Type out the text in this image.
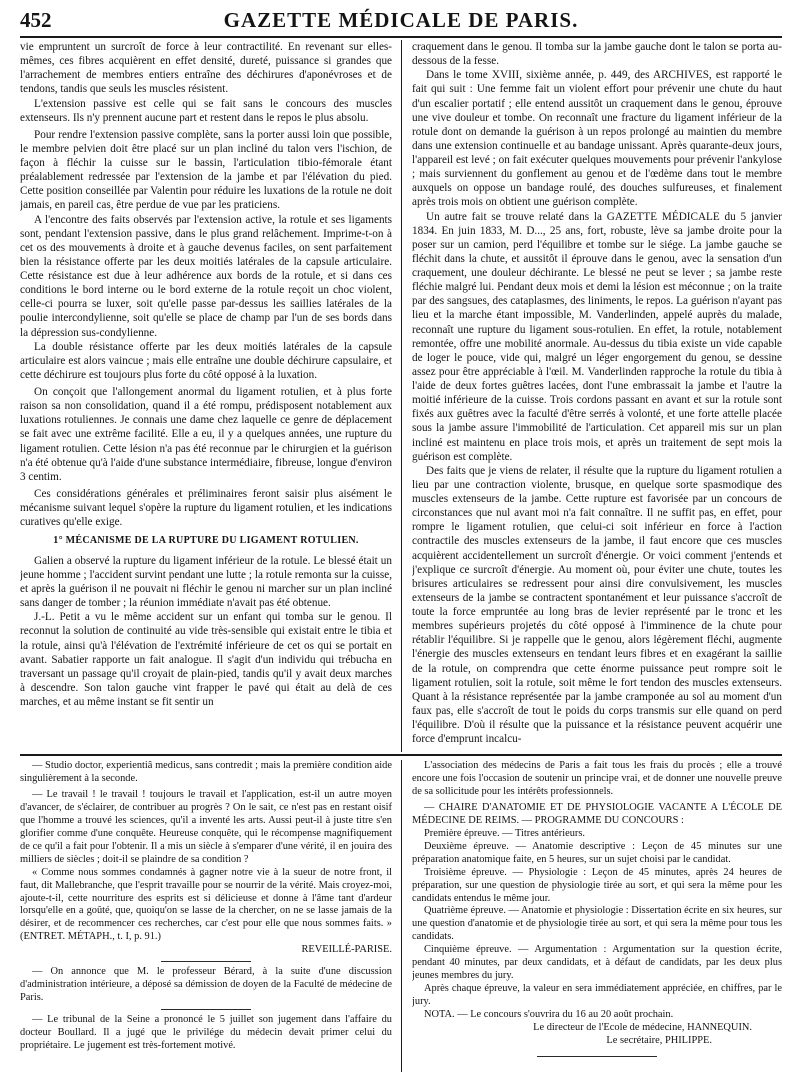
452	GAZETTE MÉDICALE DE PARIS.

vie empruntent un surcroît de force à leur contractilité. En revenant sur elles-mêmes, ces fibres acquièrent en effet densité, dureté, puissance si grandes que l'arrachement de membres entiers entraîne des déchirures d'aponévroses et de tendons, tandis que seuls les muscles résistent.

L'extension passive est celle qui se fait sans le concours des muscles extenseurs. Ils n'y prennent aucune part et restent dans le repos le plus absolu.

Pour rendre l'extension passive complète, sans la porter aussi loin que possible, le membre pelvien doit être placé sur un plan incliné du talon vers l'ischion, de façon à fléchir la cuisse sur le bassin, l'articulation tibio-fémorale étant préalablement redressée par l'extension de la jambe et par l'élévation du pied. Cette position conseillée par Valentin pour réduire les luxations de la rotule ne doit jamais, en pareil cas, être perdue de vue par les praticiens.

A l'encontre des faits observés par l'extension active, la rotule et ses ligaments sont, pendant l'extension passive, dans le plus grand relâchement. Imprime-t-on à cet os des mouvements à droite et à gauche devenus faciles, on sent parfaitement bien la résistance offerte par les deux moitiés latérales de la capsule articulaire. Cette résistance est due à leur adhérence aux bords de la rotule, et si dans ces conditions le bord interne ou le bord externe de la rotule reçoit un choc violent, celle-ci pourra se luxer, soit qu'elle passe par-dessus les saillies latérales de la poulie intercondylienne, soit qu'elle se place de champ par l'un de ses bords dans la dépression sus-condylienne.

La double résistance offerte par les deux moitiés latérales de la capsule articulaire est alors vaincue ; mais elle entraîne une double déchirure capsulaire, et cette déchirure est toujours plus forte du côté opposé à la luxation.

On conçoit que l'allongement anormal du ligament rotulien, et à plus forte raison sa non consolidation, quand il a été rompu, prédisposent notablement aux luxations rotuliennes. Je connais une dame chez laquelle ce genre de déplacement se fait avec une extrême facilité. Elle a eu, il y a quelques années, une rupture du ligament rotulien. Cette lésion n'a pas été reconnue par le chirurgien et la guérison n'a été obtenue qu'à l'aide d'une substance intermédiaire, fibreuse, longue d'environ 3 centim.

Ces considérations générales et préliminaires feront saisir plus aisément le mécanisme suivant lequel s'opère la rupture du ligament rotulien, et les indications curatives qu'elle exige.

1° MÉCANISME DE LA RUPTURE DU LIGAMENT ROTULIEN.

Galien a observé la rupture du ligament inférieur de la rotule. Le blessé était un jeune homme ; l'accident survint pendant une lutte ; la rotule remonta sur la cuisse, et après la guérison il ne pouvait ni fléchir le genou ni marcher sur un plan incliné sans danger de tomber ; la réunion immédiate n'avait pas été obtenue.

J.-L. Petit a vu le même accident sur un enfant qui tomba sur le genou. Il reconnut la solution de continuité au vide très-sensible qui existait entre le tibia et la rotule, ainsi qu'à l'élévation de l'extrémité inférieure de cet os qui se portait en avant. Sabatier rapporte un fait analogue. Il s'agit d'un individu qui trébucha en traversant un passage qu'il croyait de plain-pied, tandis qu'il y avait deux marches à descendre. Son talon gauche vint frapper le pavé qui était au delà de ces marches, et au même instant se fit sentir un

craquement dans le genou. Il tomba sur la jambe gauche dont le talon se porta au-dessous de la fesse.

Dans le tome XVIII, sixième année, p. 449, des ARCHIVES, est rapporté le fait qui suit : Une femme fait un violent effort pour prévenir une chute du haut d'un escalier portatif ; elle entend aussitôt un craquement dans le genou, éprouve une vive douleur et tombe. On reconnaît une fracture du ligament inférieur de la rotule dont on demande la guérison à un repos prolongé au maintien du membre dans une extension continuelle et au bandage unissant. Après quarante-deux jours, l'appareil est levé ; on fait exécuter quelques mouvements pour prévenir l'ankylose ; mais surviennent du gonflement au genou et de l'œdème dans tout le membre auxquels on oppose un bandage roulé, des douches sulfureuses, et finalement après trois mois on obtient une guérison complète.

Un autre fait se trouve relaté dans la GAZETTE MÉDICALE du 5 janvier 1834. En juin 1833, M. D..., 25 ans, fort, robuste, lève sa jambe droite pour la poser sur un camion, perd l'équilibre et tombe sur le siége. La jambe gauche se fléchit dans la chute, et aussitôt il éprouve dans le genou, avec la sensation d'un craquement, une douleur déchirante. Le blessé ne peut se lever ; sa jambe reste fléchie malgré lui. Pendant deux mois et demi la lésion est méconnue ; on la traite par des sangsues, des cataplasmes, des liniments, le repos. La guérison n'ayant pas lieu et la marche étant impossible, M. Vanderlinden, appelé auprès du malade, reconnaît une rupture du ligament sous-rotulien. En effet, la rotule, notablement remontée, offre une mobilité anormale. Au-dessus du tibia existe un vide capable de loger le pouce, vide qui, malgré un léger engorgement du genou, se dessine assez pour être appréciable à l'œil. M. Vanderlinden rapproche la rotule du tibia à l'aide de deux fortes guêtres lacées, dont l'une embrassait la jambe et l'autre la moitié inférieure de la cuisse. Trois cordons passant en avant et sur la rotule sont fixés aux guêtres avec la faculté d'être serrés à volonté, et une forte attelle placée sous la jambe assure l'immobilité de l'articulation. Cet appareil mis sur un plan incliné est maintenu en place trois mois, et après un traitement de sept mois la guérison est complète.

Des faits que je viens de relater, il résulte que la rupture du ligament rotulien a lieu par une contraction violente, brusque, en quelque sorte spasmodique des muscles extenseurs de la jambe. Cette rupture est favorisée par un concours de circonstances que nul avant moi n'a fait connaître. Il ne suffit pas, en effet, pour rompre le ligament rotulien, que celui-ci soit inférieur en force à l'action contractile des muscles extenseurs de la jambe, il faut encore que ces muscles acquièrent accidentellement un surcroît d'énergie. Or voici comment j'entends et j'explique ce surcroît d'énergie. Au moment où, pour éviter une chute, toutes les brisures articulaires se redressent pour ainsi dire convulsivement, les muscles extenseurs de la jambe se contractent spontanément et leur puissance s'accroît de toute la force empruntée au long bras de levier représenté par le tronc et les membres supérieurs projetés du côté opposé à l'imminence de la chute pour rétablir l'équilibre. Si je rappelle que le genou, alors légèrement fléchi, augmente l'énergie des muscles extenseurs en tendant leurs fibres et en exagérant la saillie de la rotule, on comprendra que cette énorme puissance peut rompre soit le ligament rotulien, soit la rotule, soit même le fort tendon des muscles extenseurs. Quant à la résistance représentée par la jambe cramponée au sol au moment d'un faux pas, elle s'accroît de tout le poids du corps transmis sur elle quand on perd l'équilibre. D'où il résulte que la puissance et la résistance peuvent acquérir une force d'emprunt incalcu-

— Studio doctor, experientiâ medicus, sans contredit ; mais la première condition aide singulièrement à la seconde.

— Le travail ! le travail ! toujours le travail et l'application, est-il un autre moyen d'avancer, de s'éclairer, de contribuer au progrès ? On le sait, ce n'est pas en restant oisif que l'homme a trouvé les sciences, qu'il a inventé les arts. Aussi peut-il à juste titre s'en glorifier comme d'une conquête. Heureuse conquête, qui le récompense magnifiquement de ce qu'il a fait pour l'obtenir. Il a mis un siècle à s'emparer d'une vérité, il en jouira des milliers de siècles ; doit-il se plaindre de sa condition ?

« Comme nous sommes condamnés à gagner notre vie à la sueur de notre front, il faut, dit Mallebranche, que l'esprit travaille pour se nourrir de la vérité. Mais croyez-moi, ajoute-t-il, cette nourriture des esprits est si délicieuse et donne à l'âme tant d'ardeur lorsqu'elle en a goûté, que, quoiqu'on se lasse de la chercher, on ne se lasse jamais de la désirer, et de recommencer ces recherches, car c'est pour elle que nous sommes faits. » (ENTRET. MÉTAPH., t. I, p. 91.)

REVEILLÉ-PARISE.

— On annonce que M. le professeur Bérard, à la suite d'une discussion d'administration intérieure, a déposé sa démission de doyen de la Faculté de médecine de Paris.

— Le tribunal de la Seine a prononcé le 5 juillet son jugement dans l'affaire du docteur Boullard. Il a jugé que le privilége du médecin devait primer celui du propriétaire. Le jugement est très-fortement motivé.

L'association des médecins de Paris a fait tous les frais du procès ; elle a trouvé encore une fois l'occasion de soutenir un principe vrai, et de donner une nouvelle preuve de sa sollicitude pour les intérêts professionnels.

— CHAIRE D'ANATOMIE ET DE PHYSIOLOGIE VACANTE A L'ÉCOLE DE MÉDECINE DE REIMS. — PROGRAMME DU CONCOURS :

Première épreuve. — Titres antérieurs.

Deuxième épreuve. — Anatomie descriptive : Leçon de 45 minutes sur une préparation anatomique faite, en 5 heures, sur un sujet choisi par le candidat.

Troisième épreuve. — Physiologie : Leçon de 45 minutes, après 24 heures de préparation, sur une question de physiologie tirée au sort, et qui sera la même pour les candidats entendus le même jour.

Quatrième épreuve. — Anatomie et physiologie : Dissertation écrite en six heures, sur une question d'anatomie et de physiologie tirée au sort, et qui sera la même pour tous les candidats.

Cinquième épreuve. — Argumentation : Argumentation sur la question écrite, pendant 40 minutes, par deux candidats, et à défaut de candidats, par les deux plus jeunes membres du jury.

Après chaque épreuve, la valeur en sera immédiatement appréciée, en chiffres, par le jury.

NOTA. — Le concours s'ouvrira du 16 au 20 août prochain.

Le directeur de l'Ecole de médecine, HANNEQUIN.

Le secrétaire, PHILIPPE.
